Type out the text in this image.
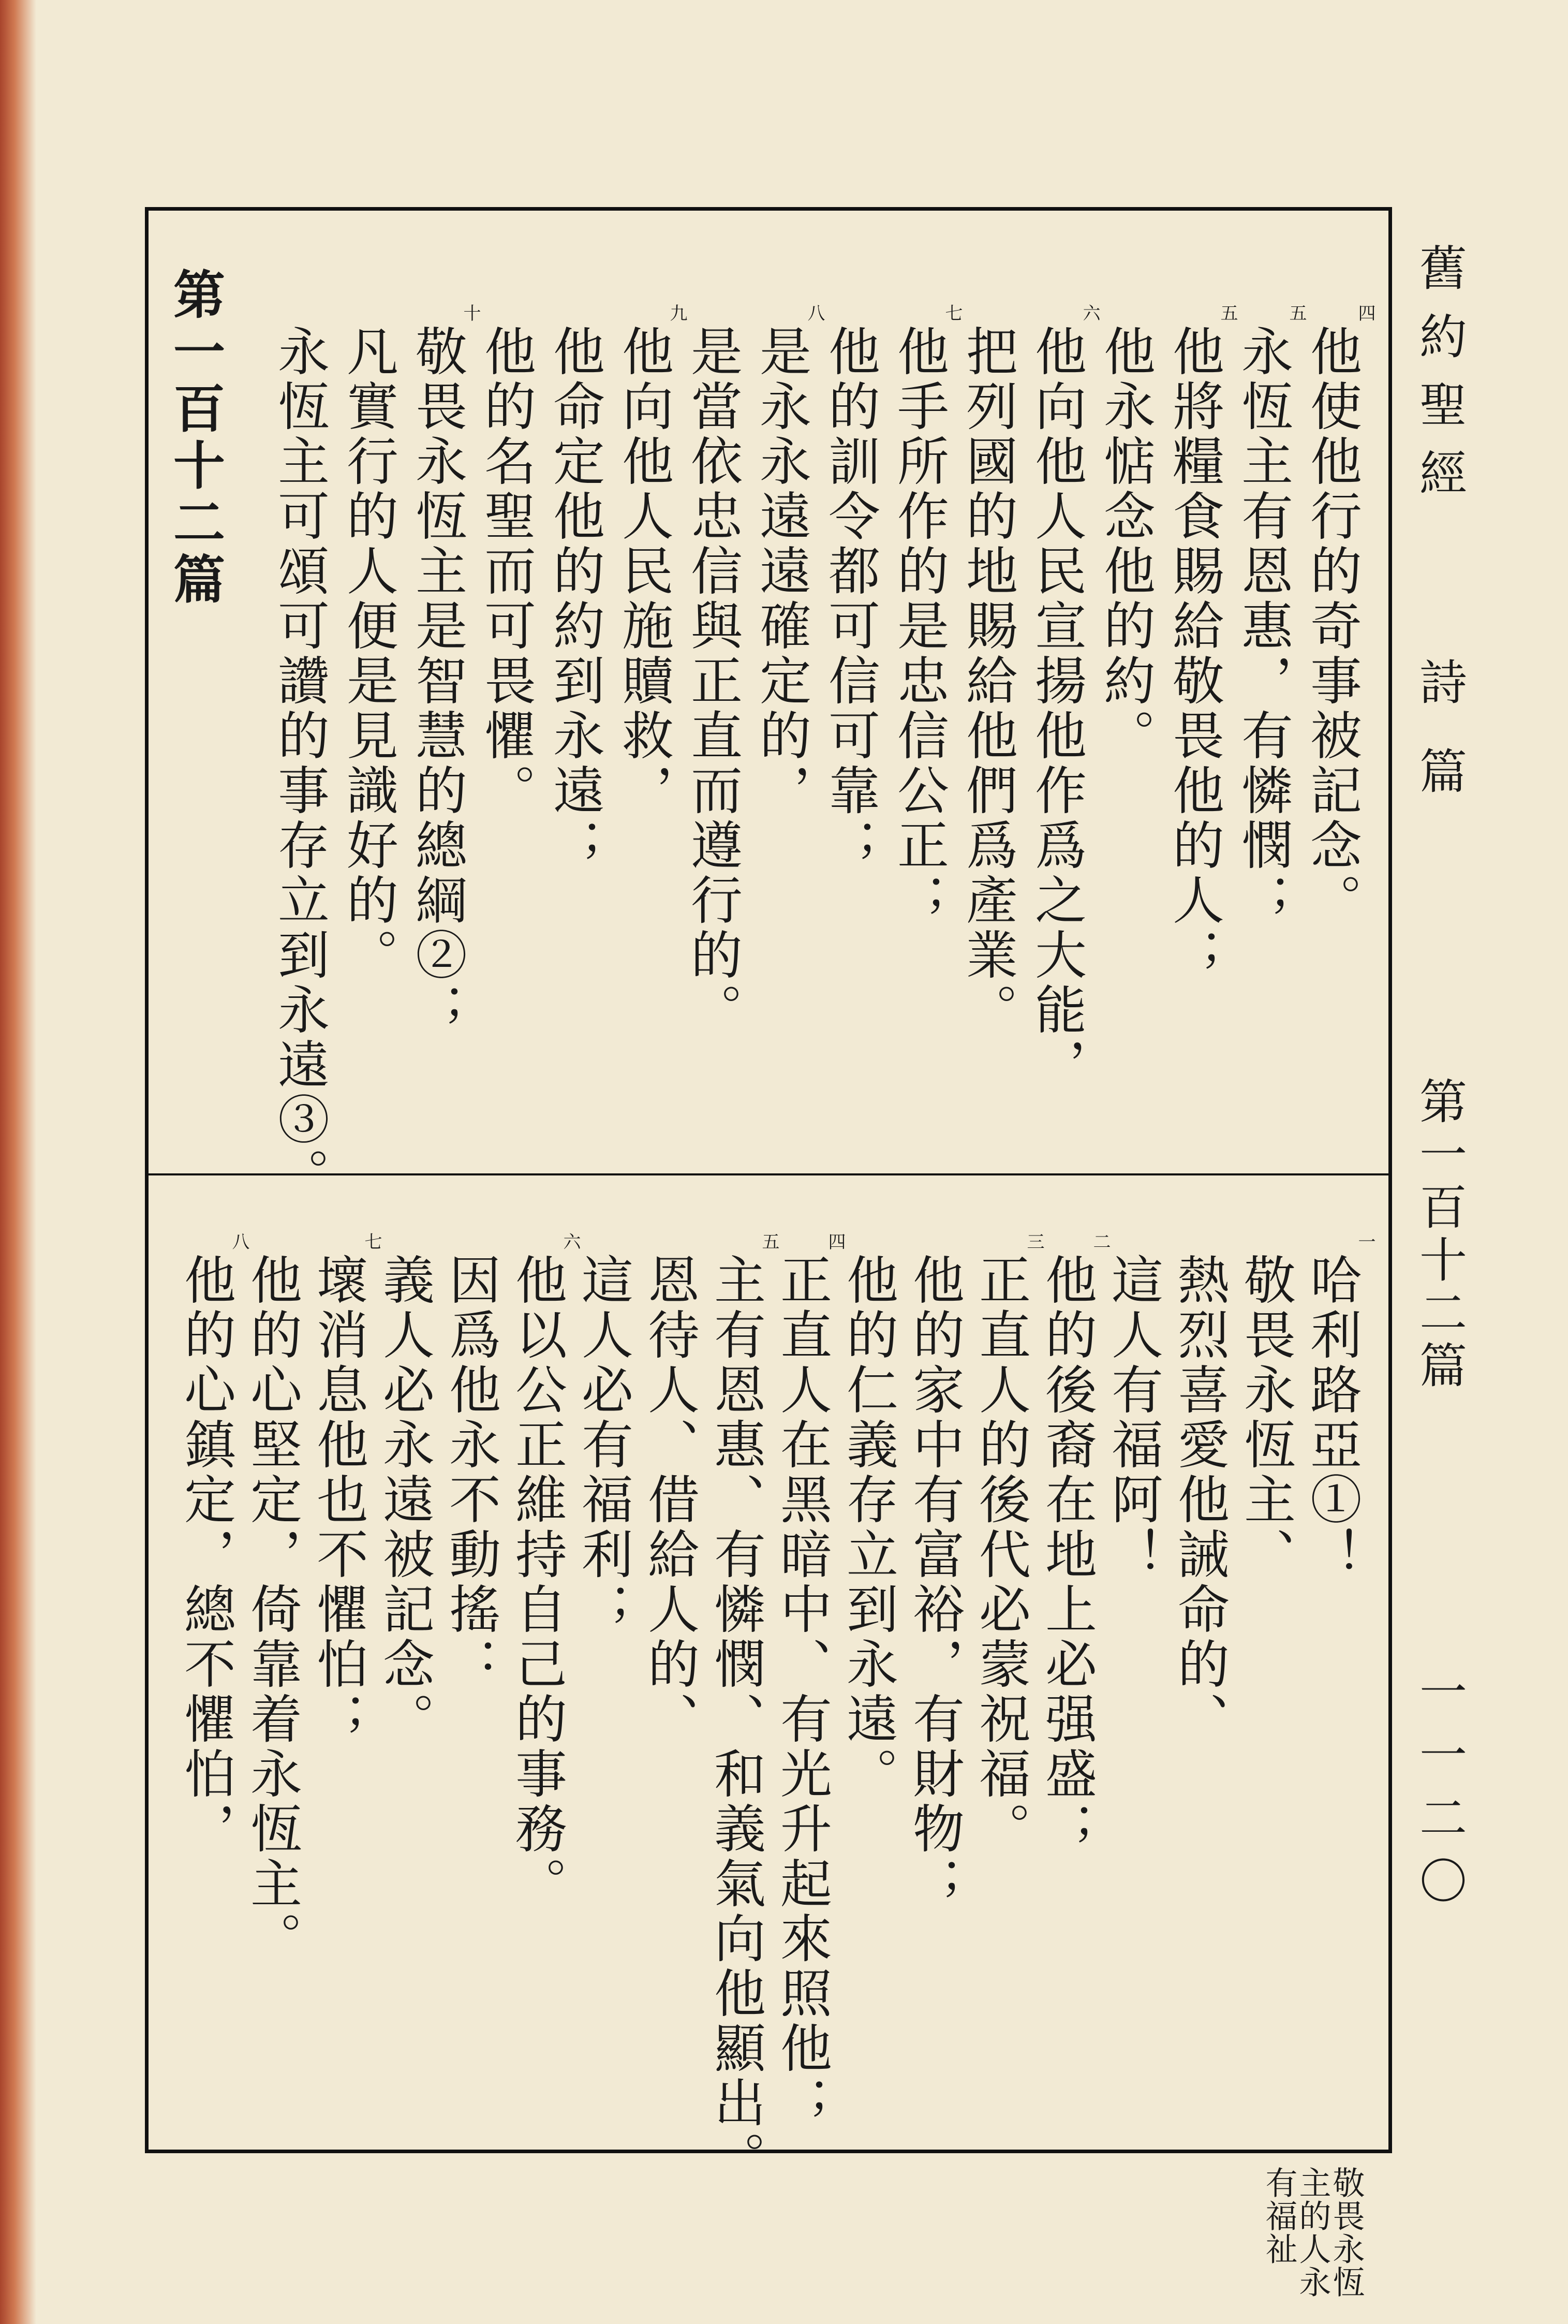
舊約聖經
詩篇
第一百十二篇
一一二〇
他使他行的奇事被記念。
四
永恆主有恩惠，有憐憫；
五
他將糧食賜給敬畏他的人；
五
他永惦念他的約。
他向他人民宣揚他作爲之大能，
六
把列國的地賜給他們爲產業。
他手所作的是忠信公正；
七
他的訓令都可信可靠；
是永永遠遠確定的，
八
是當依忠信與正直而遵行的。
他向他人民施贖救，
九
他命定他的約到永遠；
他的名聖而可畏懼。
敬畏永恆主是智慧的總綱②；
十
凡實行的人便是見識好的。
永恆主可頌可讚的事存立到永遠③。
哈利路亞①！
一
敬畏永恆主、
熱烈喜愛他誡命的、
這人有福阿！
他的後裔在地上必强盛；
二
正直人的後代必蒙祝福。
三
他的家中有富裕，有財物；
他的仁義存立到永遠。
正直人在黑暗中、有光升起來照他；
四
主有恩惠、有憐憫、和義氣向他顯出。
五
恩待人、借給人的、
這人必有福利；
他以公正維持自己的事務。
六
因爲他永不動搖：
義人必永遠被記念。
壞消息他也不懼怕；
七
他的心堅定，倚靠着永恆主。
他的心鎮定，總不懼怕，
八
第一百十二篇
敬畏永恆
主的人永
有福祉
